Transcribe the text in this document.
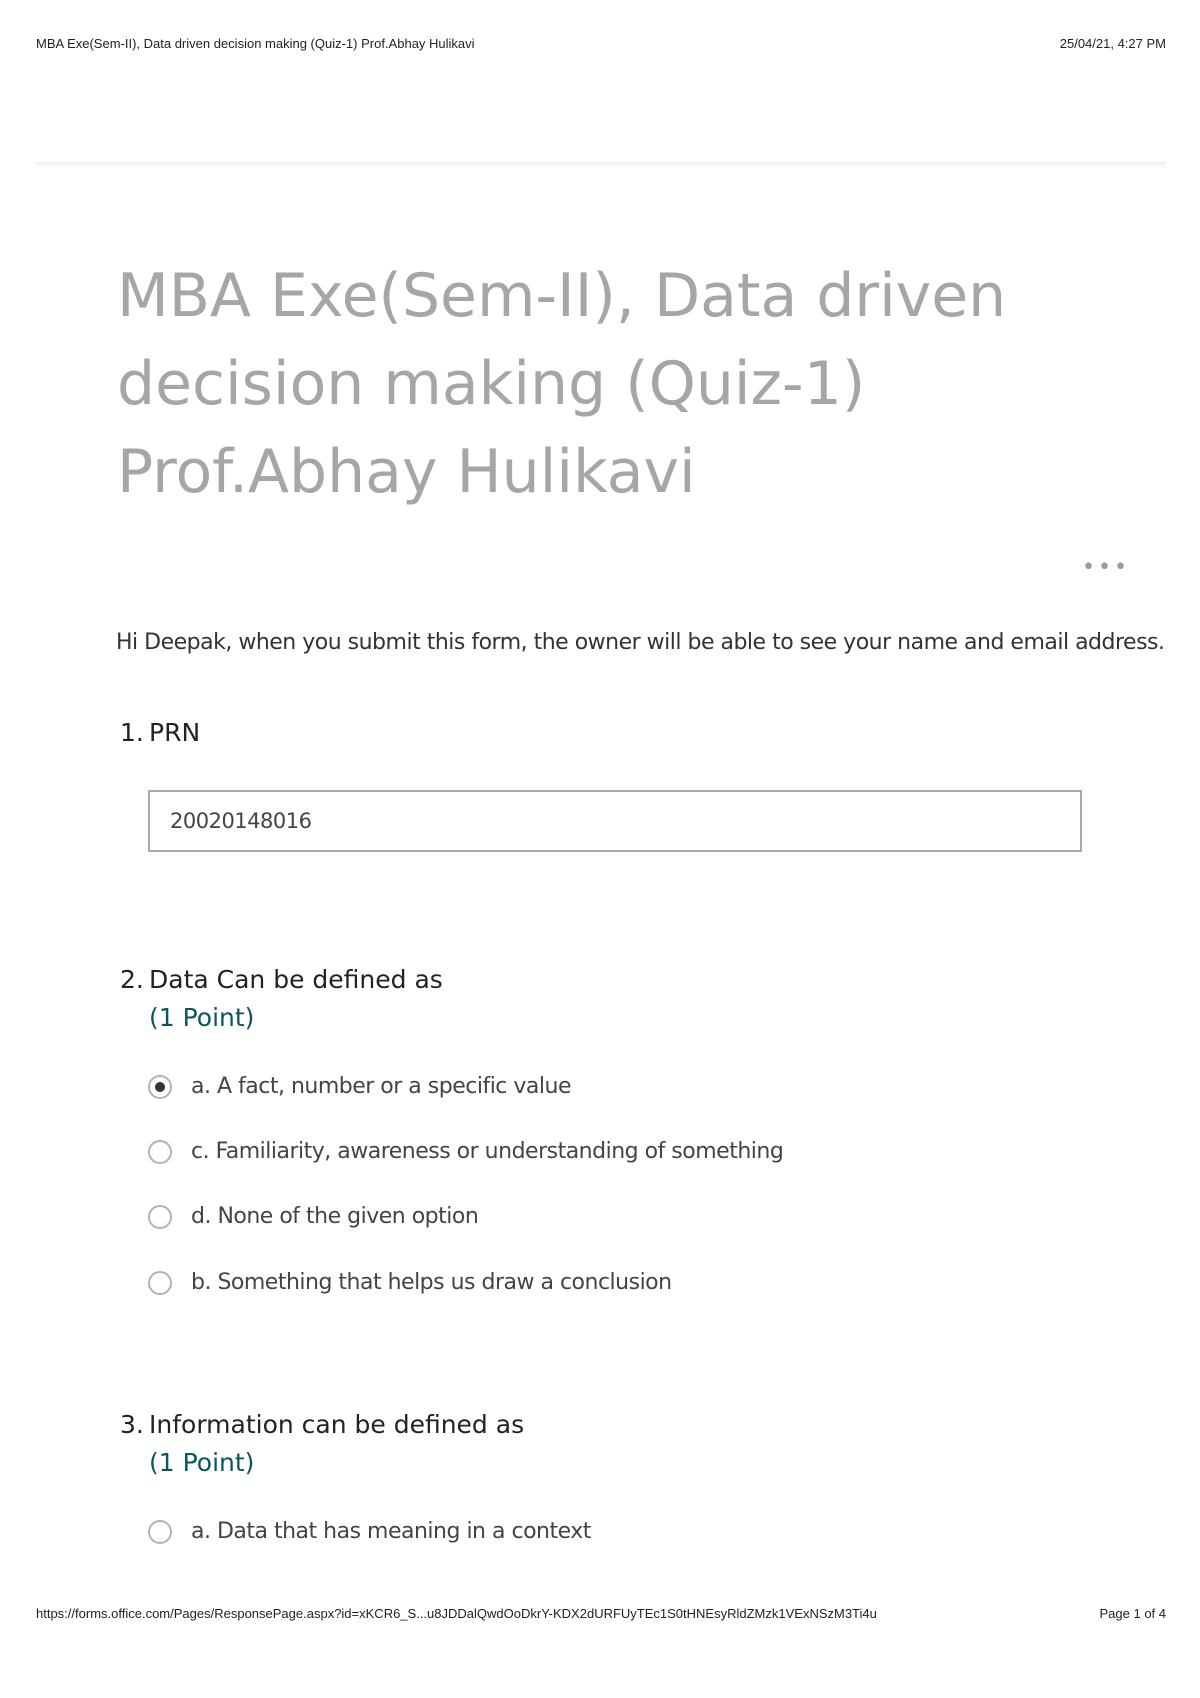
MBA Exe(Sem-II), Data driven decision making (Quiz-1) Prof.Abhay Hulikavi	25/04/21, 4:27 PM
MBA Exe(Sem-II), Data driven decision making (Quiz-1) Prof.Abhay Hulikavi
•••
Hi Deepak, when you submit this form, the owner will be able to see your name and email address.
1. PRN
20020148016
2. Data Can be defined as
(1 Point)
a. A fact, number or a specific value
c. Familiarity, awareness or understanding of something
d. None of the given option
b. Something that helps us draw a conclusion
3. Information can be defined as
(1 Point)
a. Data that has meaning in a context
https://forms.office.com/Pages/ResponsePage.aspx?id=xKCR6_S...u8JDDalQwdOoDkrY-KDX2dURFUyTEc1S0tHNEsyRldZMzk1VExNSzM3Ti4u	Page 1 of 4
